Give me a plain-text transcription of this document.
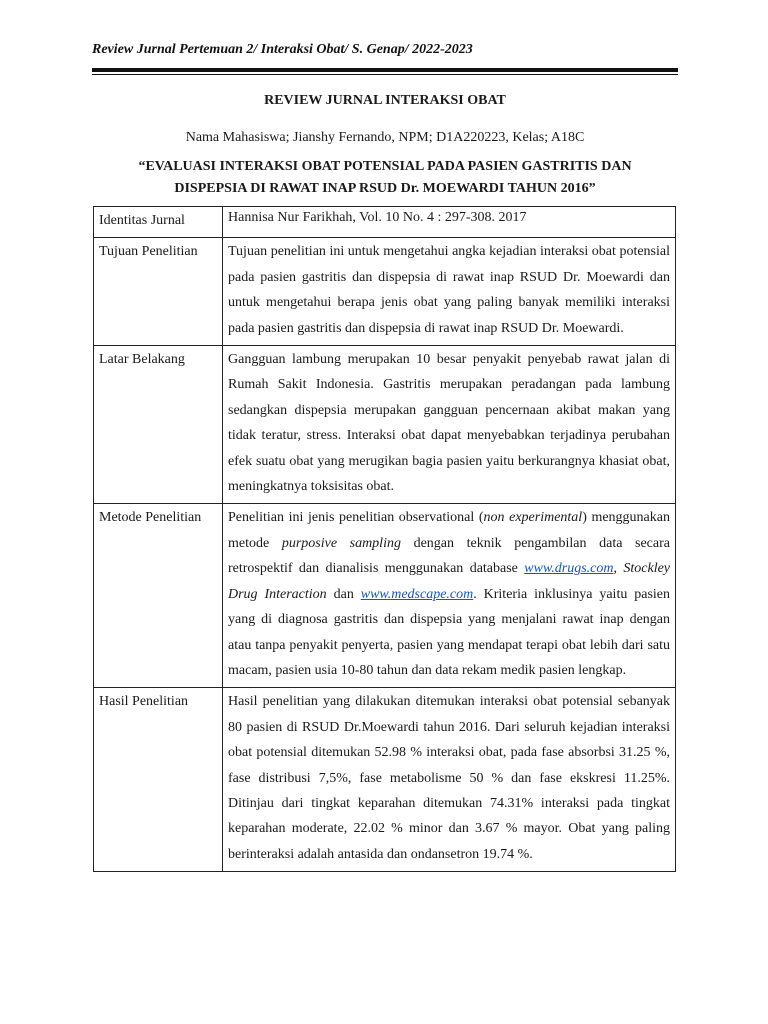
Review Jurnal Pertemuan 2/ Interaksi Obat/ S. Genap/ 2022-2023
REVIEW JURNAL INTERAKSI OBAT
Nama Mahasiswa; Jianshy Fernando, NPM; D1A220223, Kelas; A18C
“EVALUASI INTERAKSI OBAT POTENSIAL PADA PASIEN GASTRITIS DAN
DISPEPSIA DI RAWAT INAP RSUD Dr. MOEWARDI TAHUN 2016”
Identitas Jurnal	Hannisa Nur Farikhah, Vol. 10 No. 4 : 297-308. 2017
Tujuan Penelitian	Tujuan penelitian ini untuk mengetahui angka kejadian interaksi obat potensial pada pasien gastritis dan dispepsia di rawat inap RSUD Dr. Moewardi dan untuk mengetahui berapa jenis obat yang paling banyak memiliki interaksi pada pasien gastritis dan dispepsia di rawat inap RSUD Dr. Moewardi.
Latar Belakang	Gangguan lambung merupakan 10 besar penyakit penyebab rawat jalan di Rumah Sakit Indonesia. Gastritis merupakan peradangan pada lambung sedangkan dispepsia merupakan gangguan pencernaan akibat makan yang tidak teratur, stress. Interaksi obat dapat menyebabkan terjadinya perubahan efek suatu obat yang merugikan bagia pasien yaitu berkurangnya khasiat obat, meningkatnya toksisitas obat.
Metode Penelitian	Penelitian ini jenis penelitian observational (non experimental) menggunakan metode purposive sampling dengan teknik pengambilan data secara retrospektif dan dianalisis menggunakan database www.drugs.com, Stockley Drug Interaction dan www.medscape.com. Kriteria inklusinya yaitu pasien yang di diagnosa gastritis dan dispepsia yang menjalani rawat inap dengan atau tanpa penyakit penyerta, pasien yang mendapat terapi obat lebih dari satu macam, pasien usia 10-80 tahun dan data rekam medik pasien lengkap.
Hasil Penelitian	Hasil penelitian yang dilakukan ditemukan interaksi obat potensial sebanyak 80 pasien di RSUD Dr.Moewardi tahun 2016. Dari seluruh kejadian interaksi obat potensial ditemukan 52.98 % interaksi obat, pada fase absorbsi 31.25 %, fase distribusi 7,5%, fase metabolisme 50 % dan fase ekskresi 11.25%. Ditinjau dari tingkat keparahan ditemukan 74.31% interaksi pada tingkat keparahan moderate, 22.02 % minor dan 3.67 % mayor. Obat yang paling berinteraksi adalah antasida dan ondansetron 19.74 %.
